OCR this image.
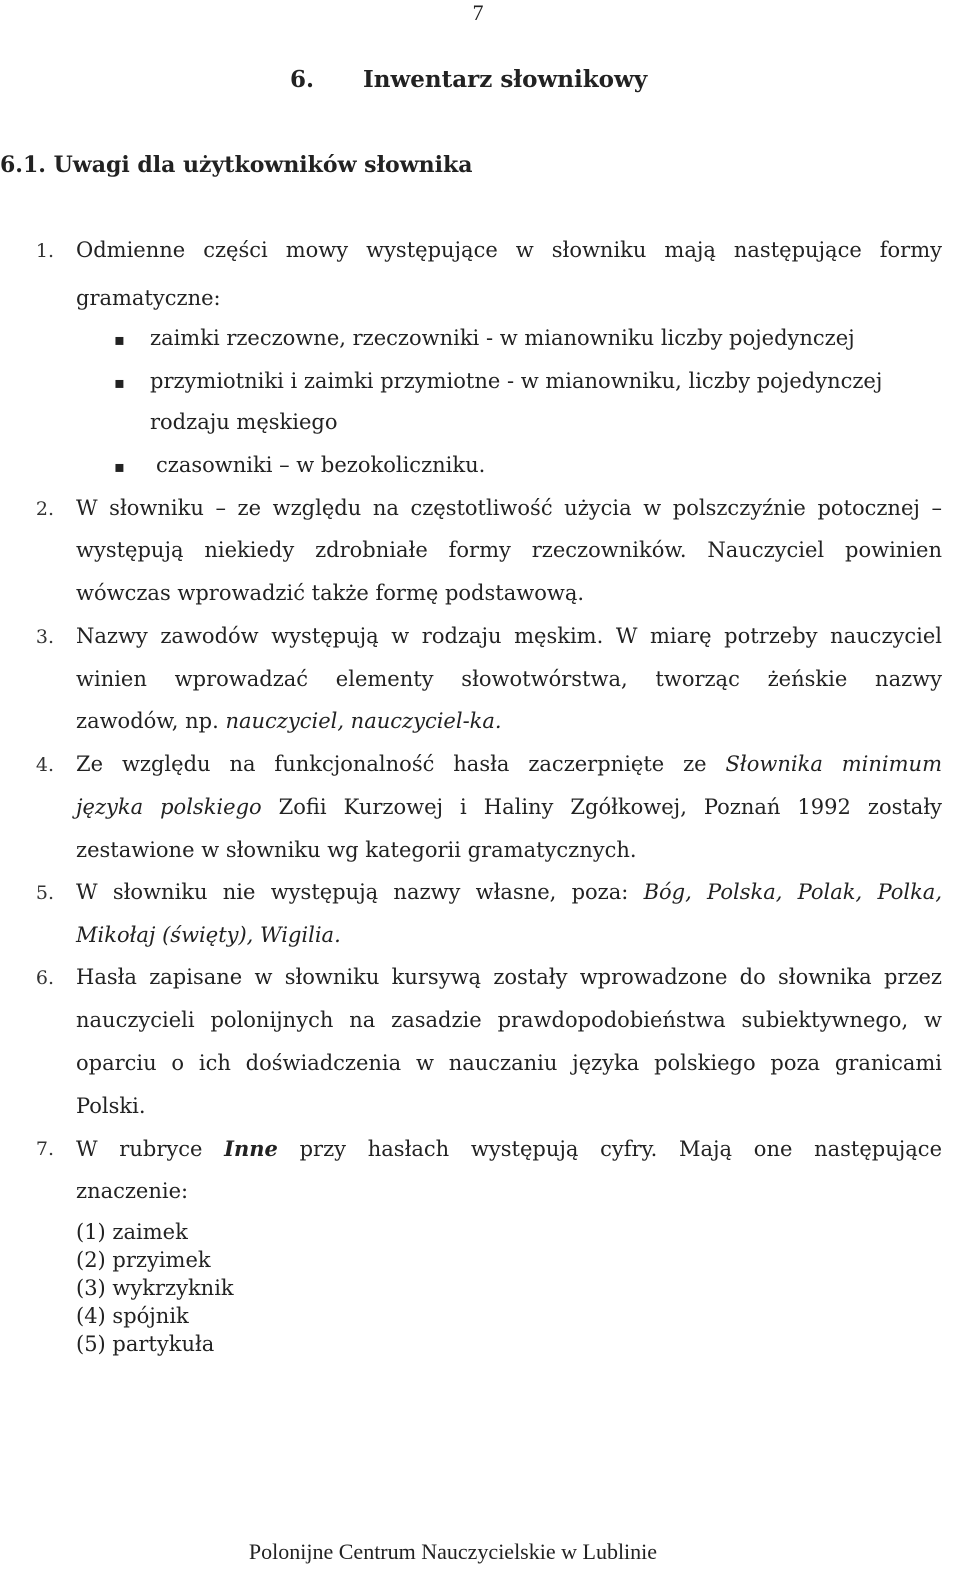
7
6. Inwentarz słownikowy
6.1. Uwagi dla użytkowników słownika
1. Odmienne części mowy występujące w słowniku mają następujące formy
gramatyczne:
▪ zaimki rzeczowne, rzeczowniki - w mianowniku liczby pojedynczej
▪ przymiotniki i zaimki przymiotne - w mianowniku, liczby pojedynczej
rodzaju męskiego
▪ czasowniki – w bezokoliczniku.
2. W słowniku – ze względu na częstotliwość użycia w polszczyźnie potocznej –
występują niekiedy zdrobniałe formy rzeczowników. Nauczyciel powinien
wówczas wprowadzić także formę podstawową.
3. Nazwy zawodów występują w rodzaju męskim. W miarę potrzeby nauczyciel
winien wprowadzać elementy słowotwórstwa, tworząc żeńskie nazwy
zawodów, np. nauczyciel, nauczyciel-ka.
4. Ze względu na funkcjonalność hasła zaczerpnięte ze Słownika minimum
języka polskiego Zofii Kurzowej i Haliny Zgółkowej, Poznań 1992 zostały
zestawione w słowniku wg kategorii gramatycznych.
5. W słowniku nie występują nazwy własne, poza: Bóg, Polska, Polak, Polka,
Mikołaj (święty), Wigilia.
6. Hasła zapisane w słowniku kursywą zostały wprowadzone do słownika przez
nauczycieli polonijnych na zasadzie prawdopodobieństwa subiektywnego, w
oparciu o ich doświadczenia w nauczaniu języka polskiego poza granicami
Polski.
7. W rubryce Inne przy hasłach występują cyfry. Mają one następujące
znaczenie:
(1) zaimek
(2) przyimek
(3) wykrzyknik
(4) spójnik
(5) partykuła
Polonijne Centrum Nauczycielskie w Lublinie
